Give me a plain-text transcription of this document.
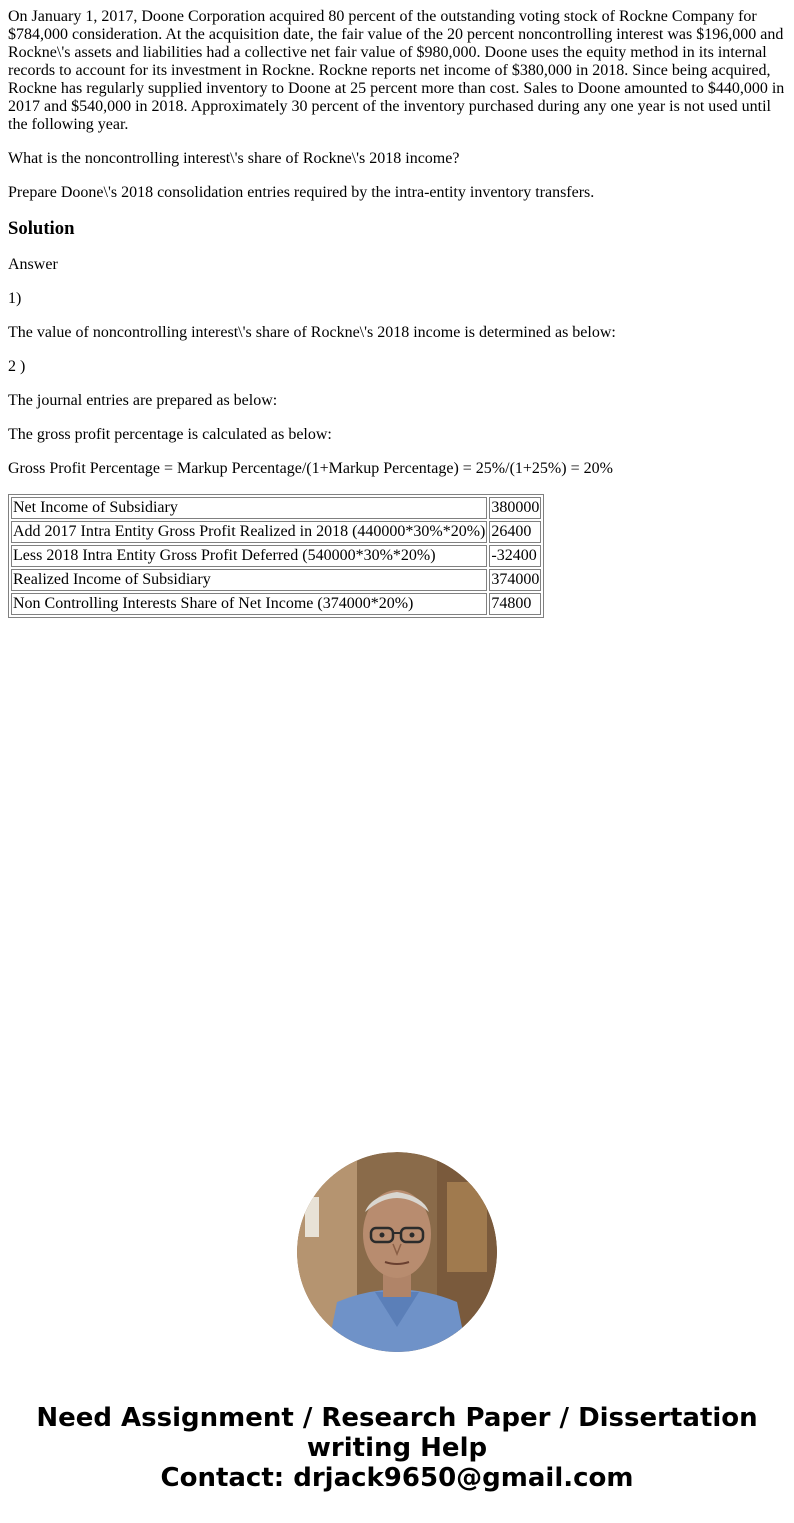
On January 1, 2017, Doone Corporation acquired 80 percent of the outstanding voting stock of Rockne Company for $784,000 consideration. At the acquisition date, the fair value of the 20 percent noncontrolling interest was $196,000 and Rockne\'s assets and liabilities had a collective net fair value of $980,000. Doone uses the equity method in its internal records to account for its investment in Rockne. Rockne reports net income of $380,000 in 2018. Since being acquired, Rockne has regularly supplied inventory to Doone at 25 percent more than cost. Sales to Doone amounted to $440,000 in 2017 and $540,000 in 2018. Approximately 30 percent of the inventory purchased during any one year is not used until the following year.

What is the noncontrolling interest\'s share of Rockne\'s 2018 income?

Prepare Doone\'s 2018 consolidation entries required by the intra-entity inventory transfers.

Solution

Answer

1)

The value of noncontrolling interest\'s share of Rockne\'s 2018 income is determined as below:

2 )

The journal entries are prepared as below:

The gross profit percentage is calculated as below:

Gross Profit Percentage = Markup Percentage/(1+Markup Percentage) = 25%/(1+25%) = 20%

Net Income of Subsidiary	380000
Add 2017 Intra Entity Gross Profit Realized in 2018 (440000*30%*20%)	26400
Less 2018 Intra Entity Gross Profit Deferred (540000*30%*20%)	-32400
Realized Income of Subsidiary	374000
Non Controlling Interests Share of Net Income (374000*20%)	74800
Need Assignment / Research Paper / Dissertation
writing Help
Contact: drjack9650@gmail.com
